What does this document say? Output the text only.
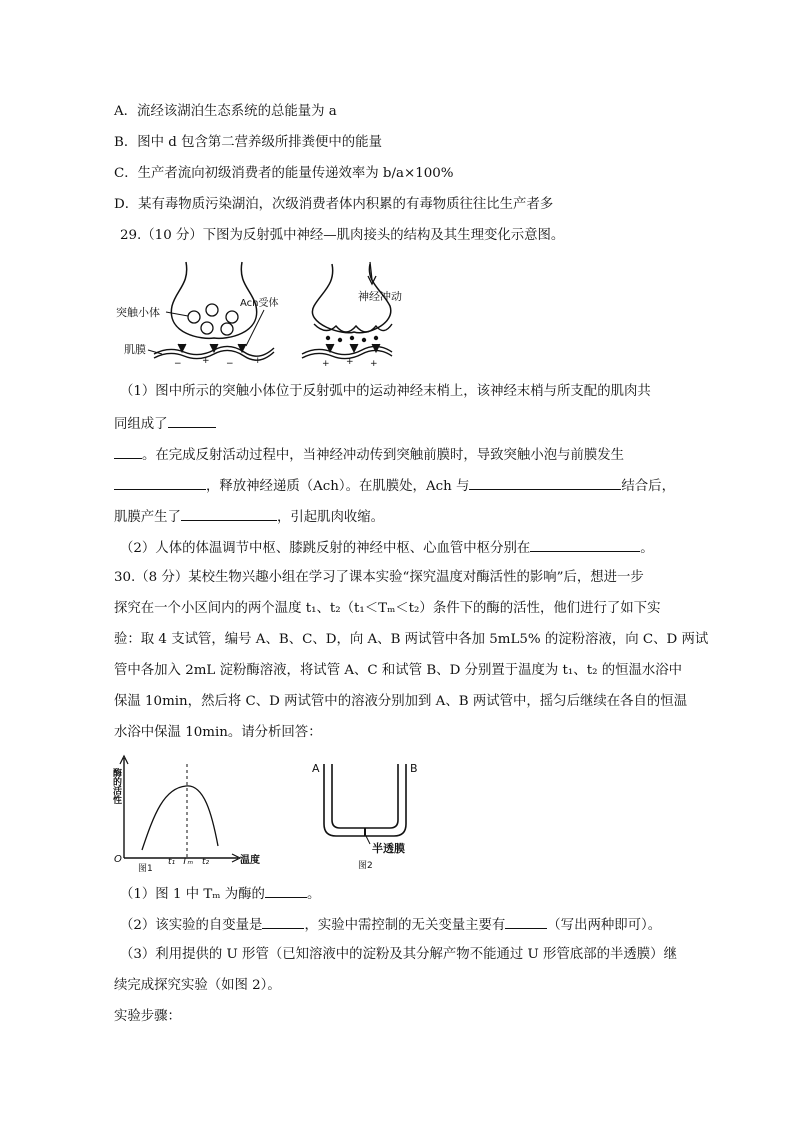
A．流经该湖泊生态系统的总能量为 a
B．图中 d 包含第二营养级所排粪便中的能量
C．生产者流向初级消费者的能量传递效率为 b/a×100%
D．某有毒物质污染湖泊，次级消费者体内积累的有毒物质往往比生产者多
29.（10 分）下图为反射弧中神经—肌肉接头的结构及其生理变化示意图。
− + − +
突触小体
Ach受体
肌膜
+ + +
神经冲动
（1）图中所示的突触小体位于反射弧中的运动神经末梢上，该神经末梢与所支配的肌肉共
同组成了
。在完成反射活动过程中，当神经冲动传到突触前膜时，导致突触小泡与前膜发生
，释放神经递质（Ach）。在肌膜处，Ach 与	结合后，
肌膜产生了	，引起肌肉收缩。
（2）人体的体温调节中枢、膝跳反射的神经中枢、心血管中枢分别在	。
30.（8 分）某校生物兴趣小组在学习了课本实验“探究温度对酶活性的影响”后，想进一步
探究在一个小区间内的两个温度 t₁、t₂（t₁＜Tₘ＜t₂）条件下的酶的活性，他们进行了如下实
验：取 4 支试管，编号 A、B、C、D，向 A、B 两试管中各加 5mL5% 的淀粉溶液，向 C、D 两试
管中各加入 2mL 淀粉酶溶液，将试管 A、C 和试管 B、D 分别置于温度为 t₁、t₂ 的恒温水浴中
保温 10min，然后将 C、D 两试管中的溶液分别加到 A、B 两试管中，摇匀后继续在各自的恒温
水浴中保温 10min。请分析回答：
酶的活性
O	t₁ Tₘ t₂	温度
图1
A	B
半透膜
图2
（1）图 1 中 Tₘ 为酶的	。
（2）该实验的自变量是	，实验中需控制的无关变量主要有	（写出两种即可）。
（3）利用提供的 U 形管（已知溶液中的淀粉及其分解产物不能通过 U 形管底部的半透膜）继
续完成探究实验（如图 2）。
实验步骤：
